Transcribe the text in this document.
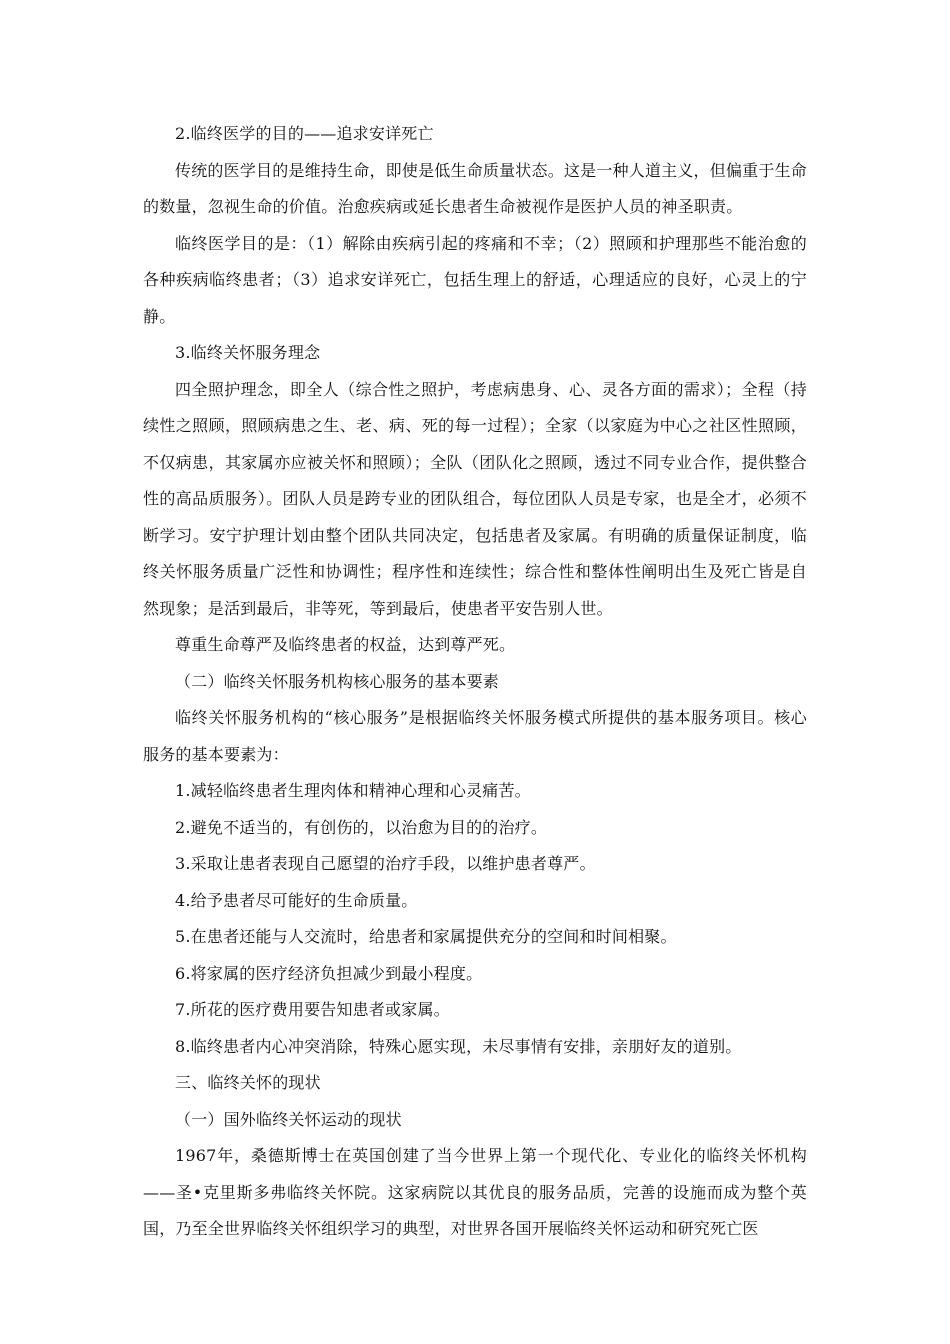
2.临终医学的目的——追求安详死亡

传统的医学目的是维持生命，即使是低生命质量状态。这是一种人道主义，但偏重于生命的数量，忽视生命的价值。治愈疾病或延长患者生命被视作是医护人员的神圣职责。

临终医学目的是：（1）解除由疾病引起的疼痛和不幸；（2）照顾和护理那些不能治愈的各种疾病临终患者；（3）追求安详死亡，包括生理上的舒适，心理适应的良好，心灵上的宁静。

3.临终关怀服务理念

四全照护理念，即全人（综合性之照护，考虑病患身、心、灵各方面的需求）；全程（持续性之照顾，照顾病患之生、老、病、死的每一过程）；全家（以家庭为中心之社区性照顾，不仅病患，其家属亦应被关怀和照顾）；全队（团队化之照顾，透过不同专业合作，提供整合性的高品质服务）。团队人员是跨专业的团队组合，每位团队人员是专家，也是全才，必须不断学习。安宁护理计划由整个团队共同决定，包括患者及家属。有明确的质量保证制度，临终关怀服务质量广泛性和协调性；程序性和连续性；综合性和整体性阐明出生及死亡皆是自然现象；是活到最后，非等死，等到最后，使患者平安告别人世。

尊重生命尊严及临终患者的权益，达到尊严死。

（二）临终关怀服务机构核心服务的基本要素

临终关怀服务机构的“核心服务”是根据临终关怀服务模式所提供的基本服务项目。核心服务的基本要素为：

1.减轻临终患者生理肉体和精神心理和心灵痛苦。

2.避免不适当的，有创伤的，以治愈为目的的治疗。

3.采取让患者表现自己愿望的治疗手段，以维护患者尊严。

4.给予患者尽可能好的生命质量。

5.在患者还能与人交流时，给患者和家属提供充分的空间和时间相聚。

6.将家属的医疗经济负担减少到最小程度。

7.所花的医疗费用要告知患者或家属。

8.临终患者内心冲突消除，特殊心愿实现，未尽事情有安排，亲朋好友的道别。

三、临终关怀的现状

（一）国外临终关怀运动的现状

1967年，桑德斯博士在英国创建了当今世界上第一个现代化、专业化的临终关怀机构——圣•克里斯多弗临终关怀院。这家病院以其优良的服务品质，完善的设施而成为整个英国，乃至全世界临终关怀组织学习的典型，对世界各国开展临终关怀运动和研究死亡医
